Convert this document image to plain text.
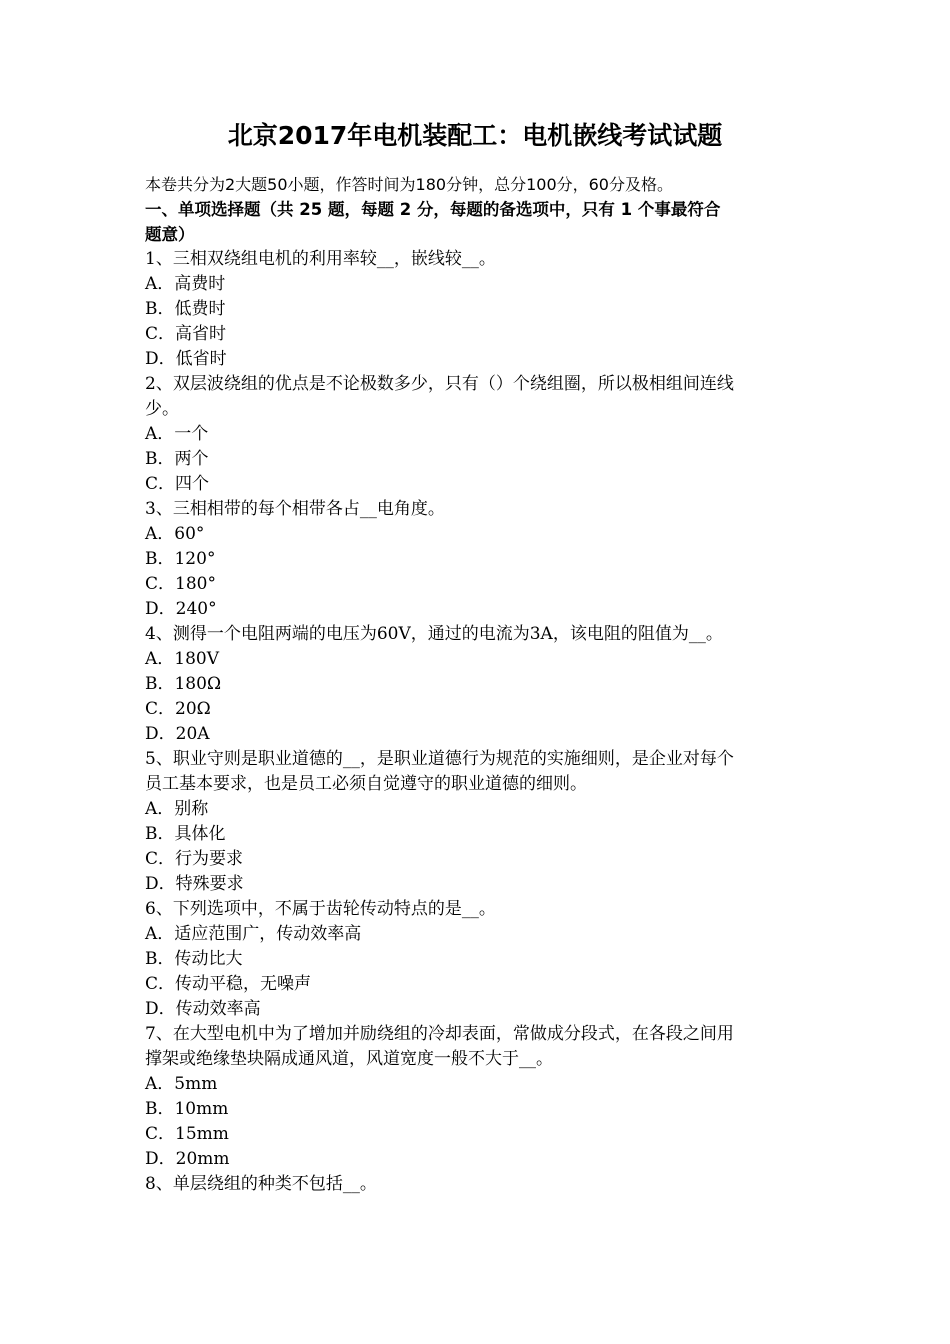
北京2017年电机装配工：电机嵌线考试试题

本卷共分为2大题50小题，作答时间为180分钟，总分100分，60分及格。

一、单项选择题（共 25 题，每题 2 分，每题的备选项中，只有 1 个事最符合

题意）

1、三相双绕组电机的利用率较__，嵌线较__。

A．高费时

B．低费时

C．高省时

D．低省时

2、双层波绕组的优点是不论极数多少，只有（）个绕组圈，所以极相组间连线

少。

A．一个

B．两个

C．四个

3、三相相带的每个相带各占__电角度。

A．60°

B．120°

C．180°

D．240°

4、测得一个电阻两端的电压为60V，通过的电流为3A，该电阻的阻值为__。

A．180V

B．180Ω

C．20Ω

D．20A

5、职业守则是职业道德的__，是职业道德行为规范的实施细则，是企业对每个

员工基本要求，也是员工必须自觉遵守的职业道德的细则。

A．别称

B．具体化

C．行为要求

D．特殊要求

6、下列选项中，不属于齿轮传动特点的是__。

A．适应范围广，传动效率高

B．传动比大

C．传动平稳，无噪声

D．传动效率高

7、在大型电机中为了增加并励绕组的冷却表面，常做成分段式，在各段之间用

撑架或绝缘垫块隔成通风道，风道宽度一般不大于__。

A．5mm

B．10mm

C．15mm

D．20mm

8、单层绕组的种类不包括__。
